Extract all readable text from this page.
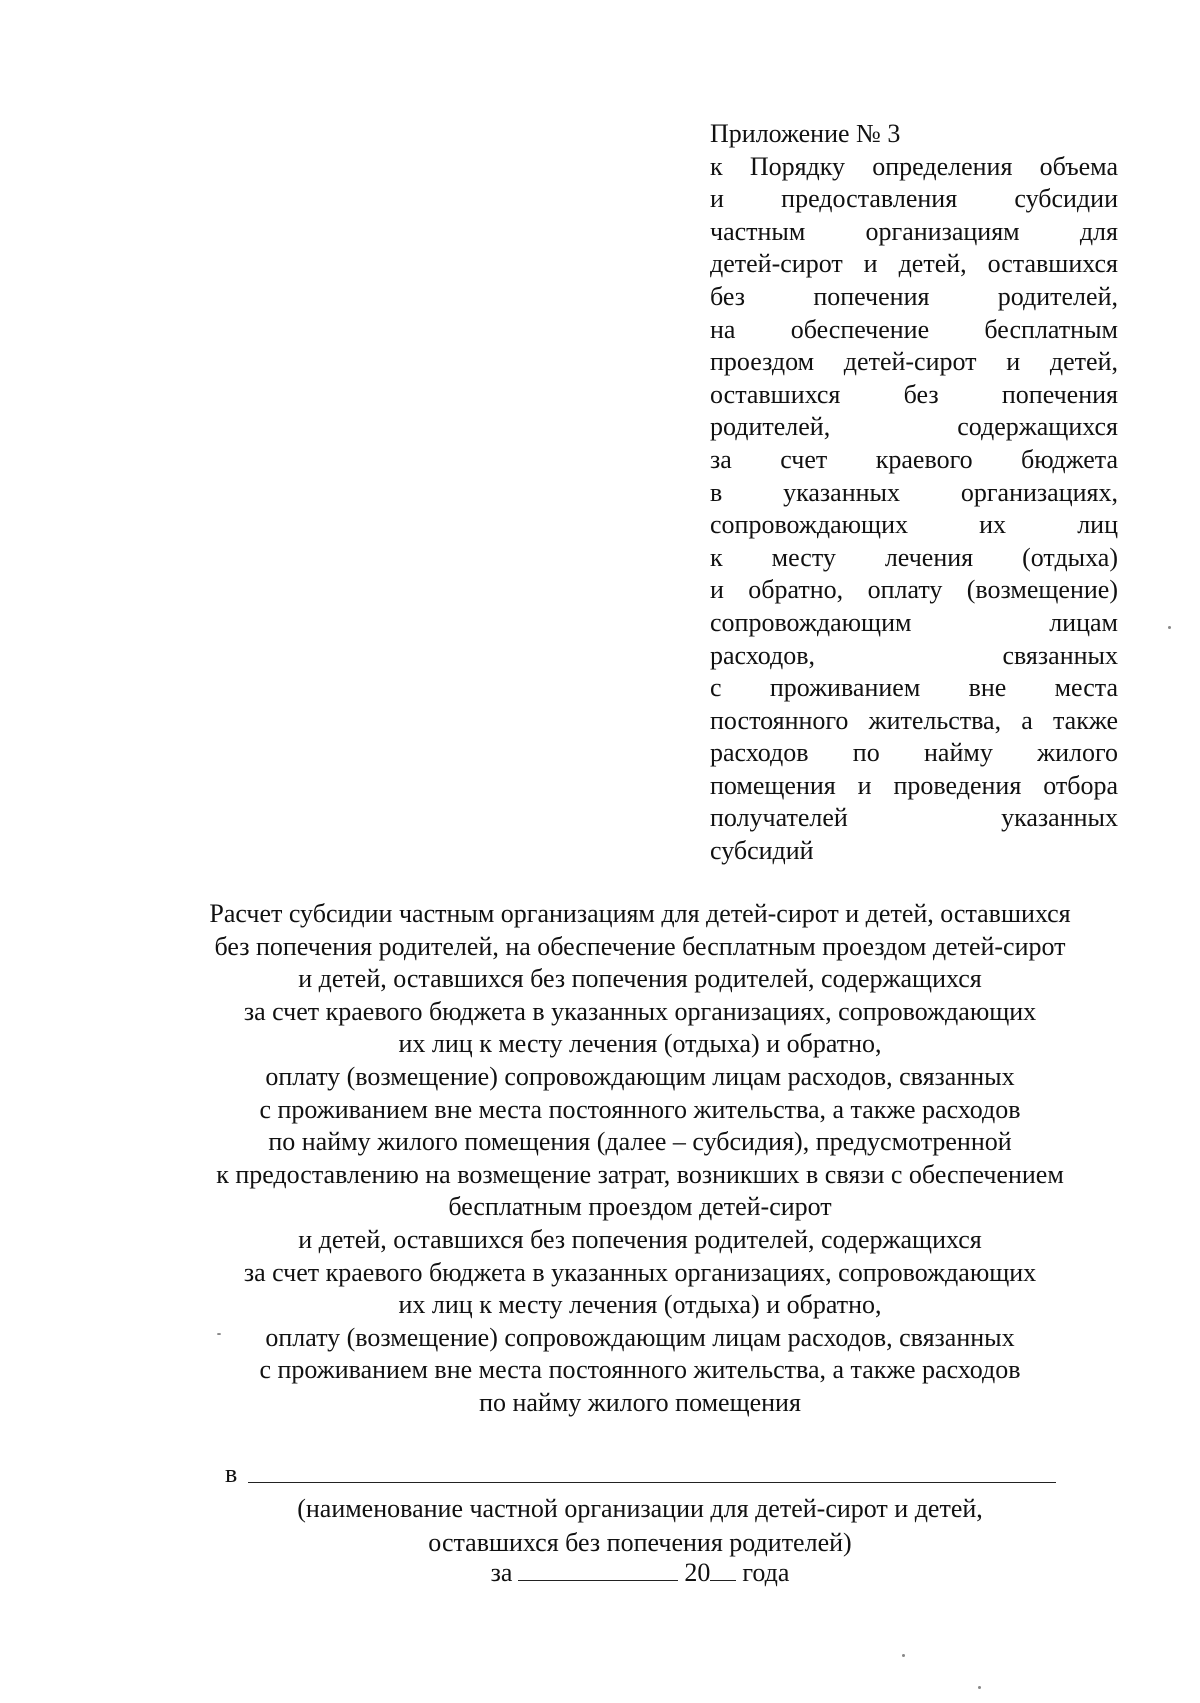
Приложение № 3
к Порядку определения объема
и предоставления субсидии
частным организациям для
детей-сирот и детей, оставшихся
без попечения родителей,
на обеспечение бесплатным
проездом детей-сирот и детей,
оставшихся без попечения
родителей, содержащихся
за счет краевого бюджета
в указанных организациях,
сопровождающих их лиц
к месту лечения (отдыха)
и обратно, оплату (возмещение)
сопровождающим лицам
расходов, связанных
с проживанием вне места
постоянного жительства, а также
расходов по найму жилого
помещения и проведения отбора
получателей указанных
субсидий
Расчет субсидии частным организациям для детей-сирот и детей, оставшихся
без попечения родителей, на обеспечение бесплатным проездом детей-сирот
и детей, оставшихся без попечения родителей, содержащихся
за счет краевого бюджета в указанных организациях, сопровождающих
их лиц к месту лечения (отдыха) и обратно,
оплату (возмещение) сопровождающим лицам расходов, связанных
с проживанием вне места постоянного жительства, а также расходов
по найму жилого помещения (далее – субсидия), предусмотренной
к предоставлению на возмещение затрат, возникших в связи с обеспечением
бесплатным проездом детей-сирот
и детей, оставшихся без попечения родителей, содержащихся
за счет краевого бюджета в указанных организациях, сопровождающих
их лиц к месту лечения (отдыха) и обратно,
оплату (возмещение) сопровождающим лицам расходов, связанных
с проживанием вне места постоянного жительства, а также расходов
по найму жилого помещения
в
(наименование частной организации для детей-сирот и детей,
оставшихся без попечения родителей)
за	20 года
